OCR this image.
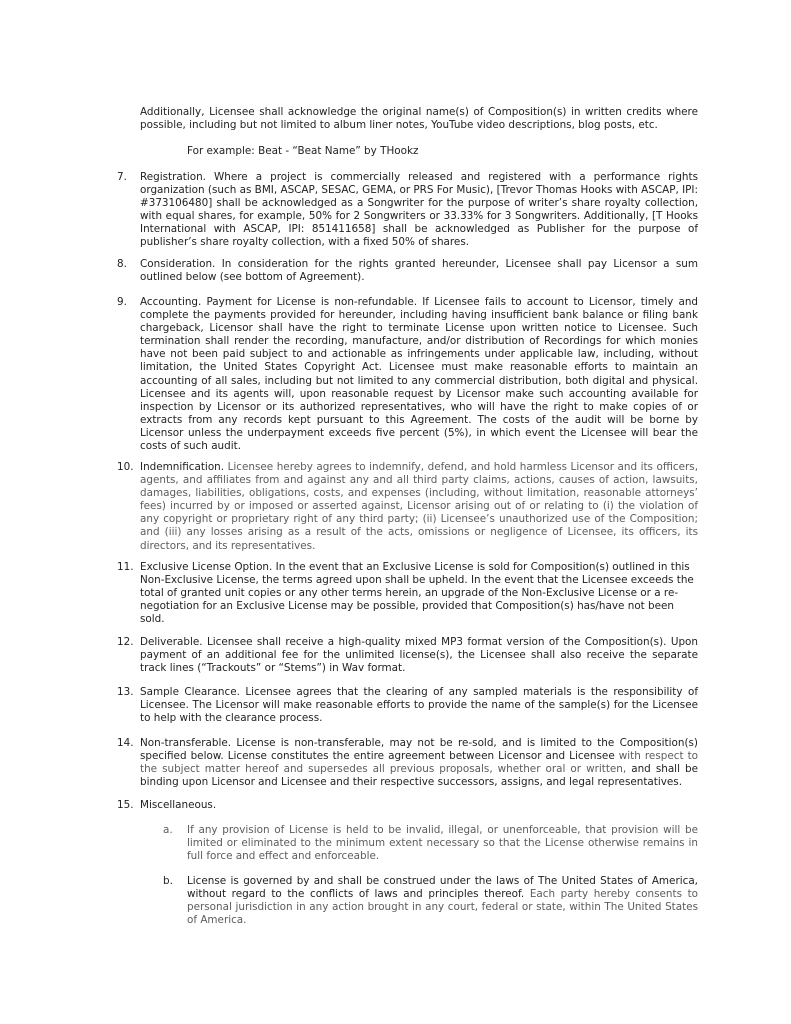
Additionally, Licensee shall acknowledge the original name(s) of Composition(s) in written credits where possible, including but not limited to album liner notes, YouTube video descriptions, blog posts, etc.

For example: Beat - “Beat Name” by THookz

7.	Registration. Where a project is commercially released and registered with a performance rights organization (such as BMI, ASCAP, SESAC, GEMA, or PRS For Music), [Trevor Thomas Hooks with ASCAP, IPI: #373106480] shall be acknowledged as a Songwriter for the purpose of writer’s share royalty collection, with equal shares, for example, 50% for 2 Songwriters or 33.33% for 3 Songwriters. Additionally, [T Hooks International with ASCAP, IPI: 851411658] shall be acknowledged as Publisher for the purpose of publisher’s share royalty collection, with a fixed 50% of shares.
8.	Consideration. In consideration for the rights granted hereunder, Licensee shall pay Licensor a sum outlined below (see bottom of Agreement).
9.	Accounting. Payment for License is non-refundable. If Licensee fails to account to Licensor, timely and complete the payments provided for hereunder, including having insufficient bank balance or filing bank chargeback, Licensor shall have the right to terminate License upon written notice to Licensee. Such termination shall render the recording, manufacture, and/or distribution of Recordings for which monies have not been paid subject to and actionable as infringements under applicable law, including, without limitation, the United States Copyright Act. Licensee must make reasonable efforts to maintain an accounting of all sales, including but not limited to any commercial distribution, both digital and physical. Licensee and its agents will, upon reasonable request by Licensor make such accounting available for inspection by Licensor or its authorized representatives, who will have the right to make copies of or extracts from any records kept pursuant to this Agreement. The costs of the audit will be borne by Licensor unless the underpayment exceeds five percent (5%), in which event the Licensee will bear the costs of such audit.
10. Indemnification. Licensee hereby agrees to indemnify, defend, and hold harmless Licensor and its officers, agents, and affiliates from and against any and all third party claims, actions, causes of action, lawsuits, damages, liabilities, obligations, costs, and expenses (including, without limitation, reasonable attorneys’ fees) incurred by or imposed or asserted against, Licensor arising out of or relating to (i) the violation of any copyright or proprietary right of any third party; (ii) Licensee’s unauthorized use of the Composition; and (iii) any losses arising as a result of the acts, omissions or negligence of Licensee, its officers, its directors, and its representatives.
11. Exclusive License Option. In the event that an Exclusive License is sold for Composition(s) outlined in this Non-Exclusive License, the terms agreed upon shall be upheld. In the event that the Licensee exceeds the total of granted unit copies or any other terms herein, an upgrade of the Non-Exclusive License or a re-negotiation for an Exclusive License may be possible, provided that Composition(s) has/have not been sold.
12. Deliverable. Licensee shall receive a high-quality mixed MP3 format version of the Composition(s). Upon payment of an additional fee for the unlimited license(s), the Licensee shall also receive the separate track lines (“Trackouts” or “Stems”) in Wav format.
13. Sample Clearance. Licensee agrees that the clearing of any sampled materials is the responsibility of Licensee. The Licensor will make reasonable efforts to provide the name of the sample(s) for the Licensee to help with the clearance process.
14. Non-transferable. License is non-transferable, may not be re-sold, and is limited to the Composition(s) specified below. License constitutes the entire agreement between Licensor and Licensee with respect to the subject matter hereof and supersedes all previous proposals, whether oral or written, and shall be binding upon Licensor and Licensee and their respective successors, assigns, and legal representatives.
15. Miscellaneous.
a.	If any provision of License is held to be invalid, illegal, or unenforceable, that provision will be limited or eliminated to the minimum extent necessary so that the License otherwise remains in full force and effect and enforceable.
b.	License is governed by and shall be construed under the laws of The United States of America, without regard to the conflicts of laws and principles thereof. Each party hereby consents to personal jurisdiction in any action brought in any court, federal or state, within The United States of America.
